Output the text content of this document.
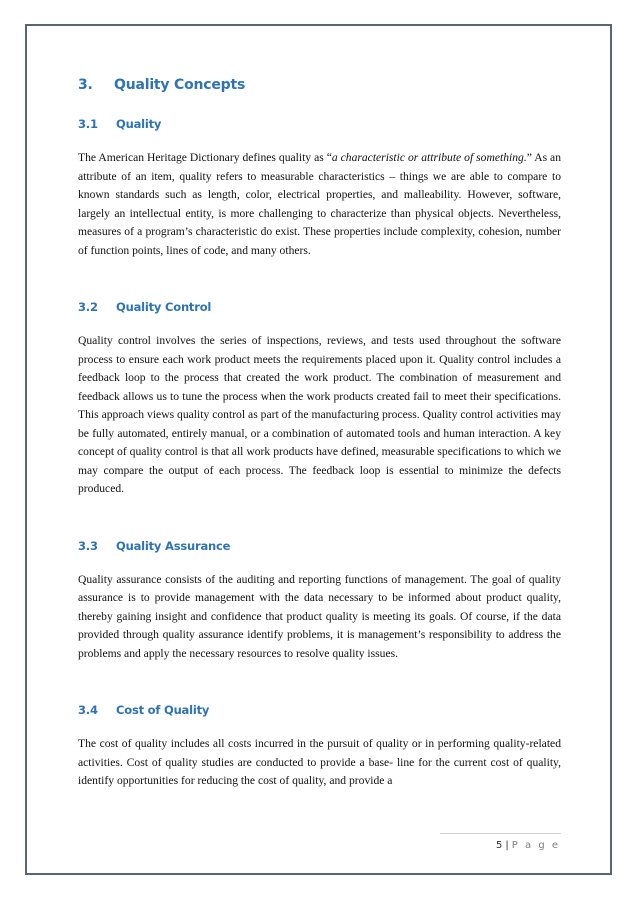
3. Quality Concepts
3.1 Quality

The American Heritage Dictionary defines quality as “a characteristic or attribute of something.” As an attribute of an item, quality refers to measurable characteristics – things we are able to compare to known standards such as length, color, electrical properties, and malleability. However, software, largely an intellectual entity, is more challenging to characterize than physical objects. Nevertheless, measures of a program’s characteristic do exist. These properties include complexity, cohesion, number of function points, lines of code, and many others.

3.2 Quality Control

Quality control involves the series of inspections, reviews, and tests used throughout the software process to ensure each work product meets the requirements placed upon it. Quality control includes a feedback loop to the process that created the work product. The combination of measurement and feedback allows us to tune the process when the work products created fail to meet their specifications. This approach views quality control as part of the manufacturing process. Quality control activities may be fully automated, entirely manual, or a combination of automated tools and human interaction. A key concept of quality control is that all work products have defined, measurable specifications to which we may compare the output of each process. The feedback loop is essential to minimize the defects produced.

3.3 Quality Assurance

Quality assurance consists of the auditing and reporting functions of management. The goal of quality assurance is to provide management with the data necessary to be informed about product quality, thereby gaining insight and confidence that product quality is meeting its goals. Of course, if the data provided through quality assurance identify problems, it is management’s responsibility to address the problems and apply the necessary resources to resolve quality issues.

3.4 Cost of Quality

The cost of quality includes all costs incurred in the pursuit of quality or in performing quality-related activities. Cost of quality studies are conducted to provide a base- line for the current cost of quality, identify opportunities for reducing the cost of quality, and provide a

5 | P a g e
